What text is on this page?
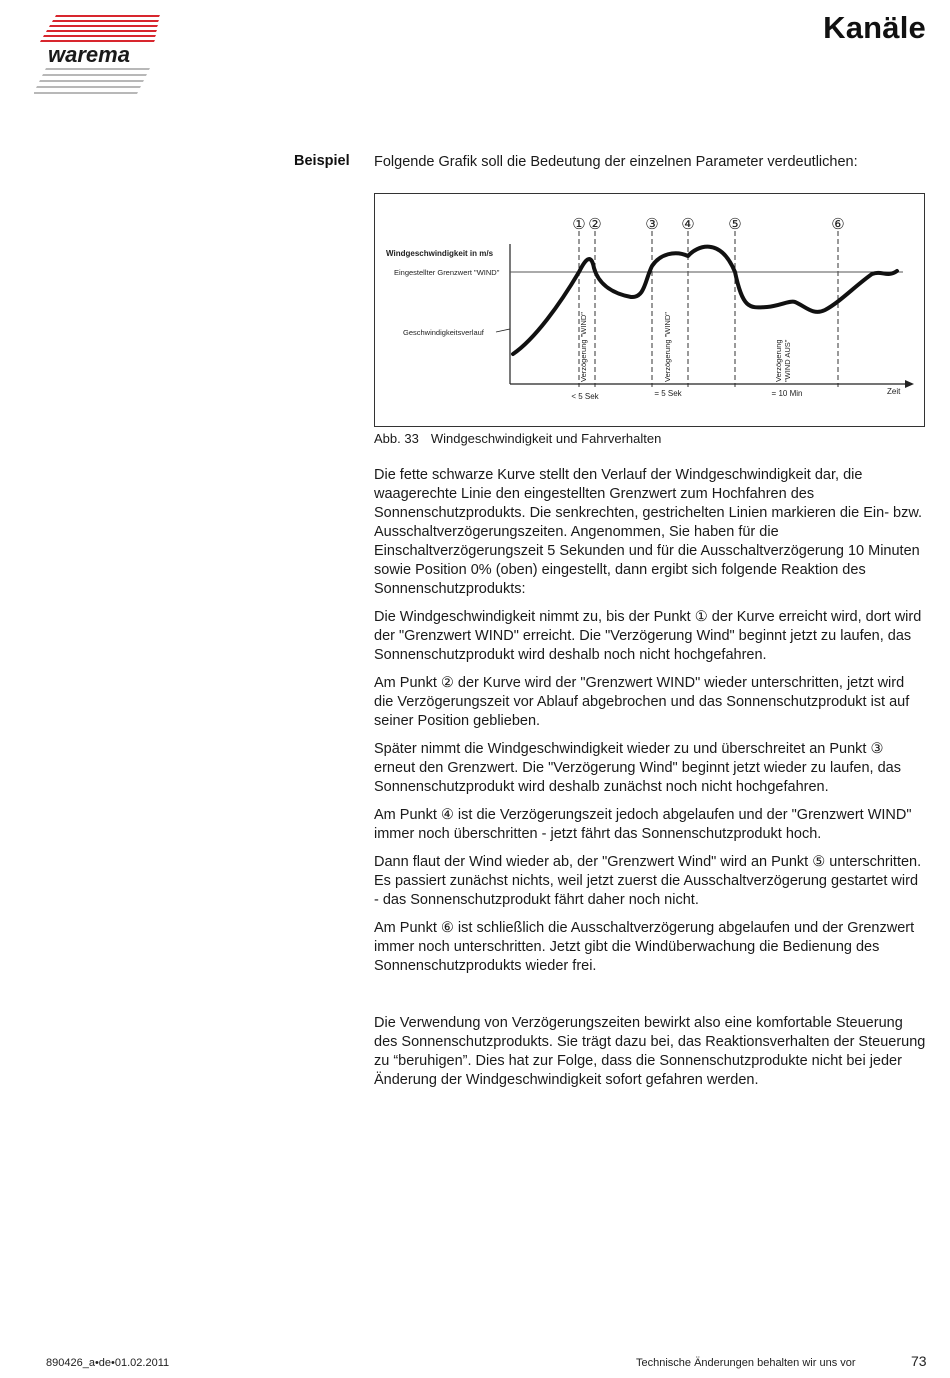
warema
Kanäle
Beispiel Folgende Grafik soll die Bedeutung der einzelnen Parameter verdeutlichen:
Windgeschwindigkeit in m/s
Eingestellter Grenzwert "WIND"
Geschwindigkeitsverlauf
① ②	③ ④ ⑤	⑥
Verzögerung "WIND"	Verzögerung "WIND"	Verzögerung "WIND AUS"
< 5 Sek	= 5 Sek	= 10 Min	Zeit
Abb. 33 Windgeschwindigkeit und Fahrverhalten

Die fette schwarze Kurve stellt den Verlauf der Windgeschwindigkeit dar, die waagerechte Linie den eingestellten Grenzwert zum Hochfahren des Sonnenschutzprodukts. Die senkrechten, gestrichelten Linien markieren die Ein- bzw. Ausschaltverzögerungszeiten. Angenommen, Sie haben für die Einschaltverzögerungszeit 5 Sekunden und für die Ausschaltverzögerung 10 Minuten sowie Position 0% (oben) eingestellt, dann ergibt sich folgende Reaktion des Sonnenschutzprodukts:

Die Windgeschwindigkeit nimmt zu, bis der Punkt ① der Kurve erreicht wird, dort wird der "Grenzwert WIND" erreicht. Die "Verzögerung Wind" beginnt jetzt zu laufen, das Sonnenschutzprodukt wird deshalb noch nicht hochgefahren.

Am Punkt ② der Kurve wird der "Grenzwert WIND" wieder unterschritten, jetzt wird die Verzögerungszeit vor Ablauf abgebrochen und das Sonnenschutzprodukt ist auf seiner Position geblieben.

Später nimmt die Windgeschwindigkeit wieder zu und überschreitet an Punkt ③ erneut den Grenzwert. Die "Verzögerung Wind" beginnt jetzt wieder zu laufen, das Sonnenschutzprodukt wird deshalb zunächst noch nicht hochgefahren.

Am Punkt ④ ist die Verzögerungszeit jedoch abgelaufen und der "Grenzwert WIND" immer noch überschritten - jetzt fährt das Sonnenschutzprodukt hoch.

Dann flaut der Wind wieder ab, der "Grenzwert Wind" wird an Punkt ⑤ unterschritten. Es passiert zunächst nichts, weil jetzt zuerst die Ausschaltverzögerung gestartet wird - das Sonnenschutzprodukt fährt daher noch nicht.

Am Punkt ⑥ ist schließlich die Ausschaltverzögerung abgelaufen und der Grenzwert immer noch unterschritten. Jetzt gibt die Windüberwachung die Bedienung des Sonnenschutzprodukts wieder frei.

Die Verwendung von Verzögerungszeiten bewirkt also eine komfortable Steuerung des Sonnenschutzprodukts. Sie trägt dazu bei, das Reaktionsverhalten der Steuerung zu “beruhigen”. Dies hat zur Folge, dass die Sonnenschutzprodukte nicht bei jeder Änderung der Windgeschwindigkeit sofort gefahren werden.

890426_a•de•01.02.2011	Technische Änderungen behalten wir uns vor	73
